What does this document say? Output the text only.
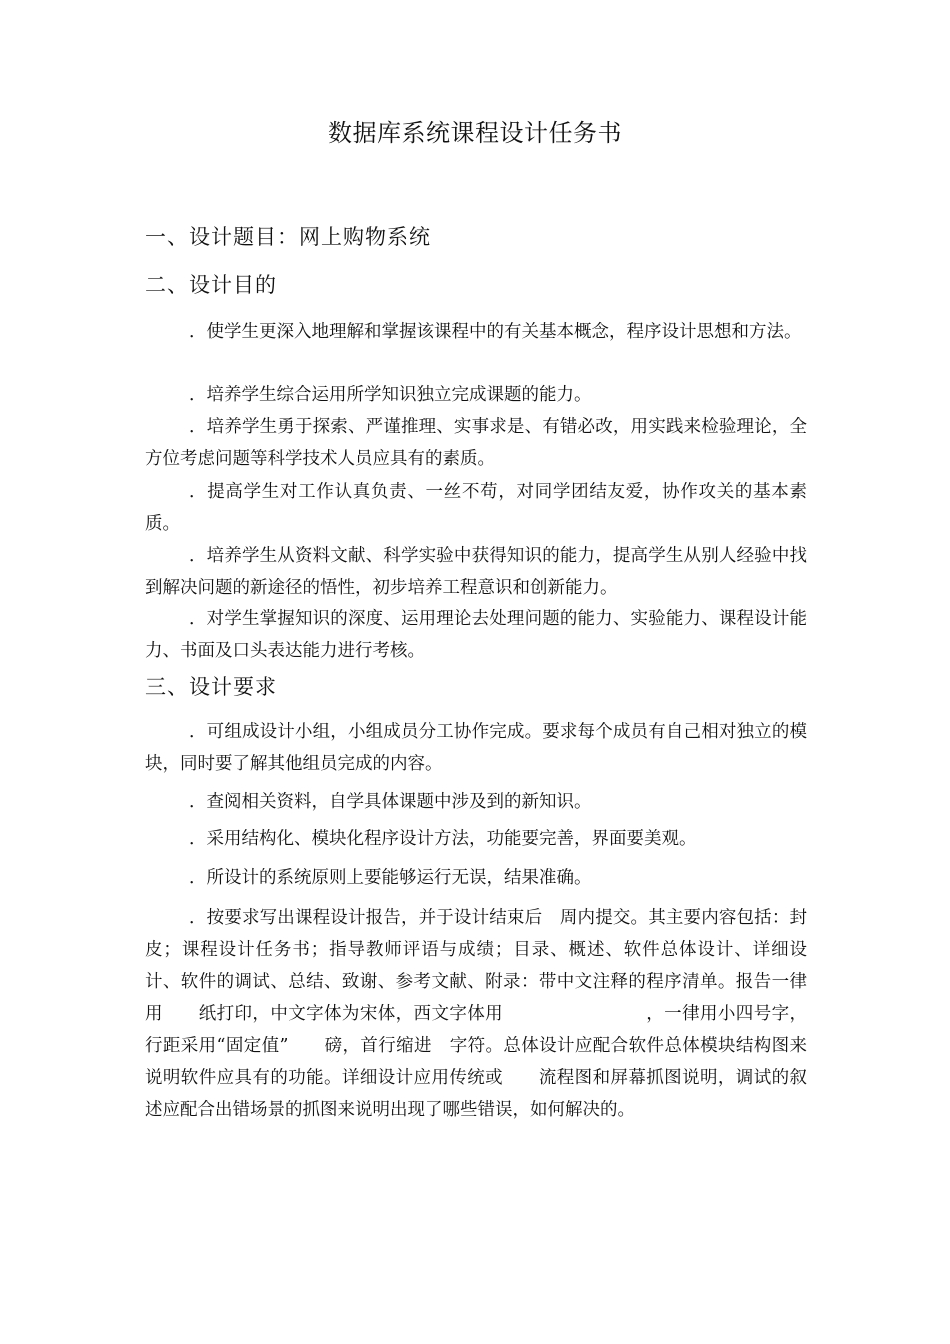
数据库系统课程设计任务书
一、设计题目：网上购物系统
二、设计目的

．使学生更深入地理解和掌握该课程中的有关基本概念，程序设计思想和方法。

．培养学生综合运用所学知识独立完成课题的能力。

．培养学生勇于探索、严谨推理、实事求是、有错必改，用实践来检验理论，全方位考虑问题等科学技术人员应具有的素质。

．提高学生对工作认真负责、一丝不苟，对同学团结友爱，协作攻关的基本素质。

．培养学生从资料文献、科学实验中获得知识的能力，提高学生从别人经验中找到解决问题的新途径的悟性，初步培养工程意识和创新能力。

．对学生掌握知识的深度、运用理论去处理问题的能力、实验能力、课程设计能力、书面及口头表达能力进行考核。

三、设计要求

．可组成设计小组，小组成员分工协作完成。要求每个成员有自己相对独立的模块，同时要了解其他组员完成的内容。

．查阅相关资料，自学具体课题中涉及到的新知识。

．采用结构化、模块化程序设计方法，功能要完善，界面要美观。

．所设计的系统原则上要能够运行无误，结果准确。

．按要求写出课程设计报告，并于设计结束后　周内提交。其主要内容包括：封皮；课程设计任务书；指导教师评语与成绩；目录、概述、软件总体设计、详细设计、软件的调试、总结、致谢、参考文献、附录：带中文注释的程序清单。报告一律用　　纸打印，中文字体为宋体，西文字体用　　　　　　　　，一律用小四号字，行距采用“固定值”　　磅，首行缩进　字符。总体设计应配合软件总体模块结构图来说明软件应具有的功能。详细设计应用传统或　　流程图和屏幕抓图说明，调试的叙述应配合出错场景的抓图来说明出现了哪些错误，如何解决的。
